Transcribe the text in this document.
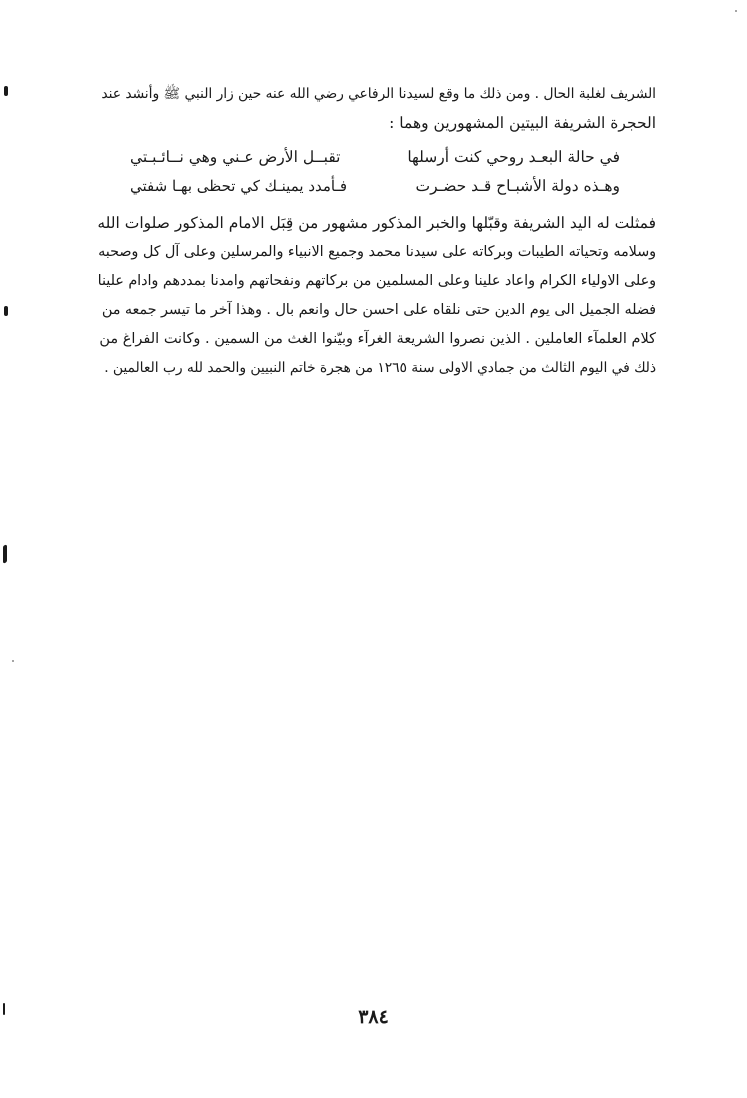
الشريف لغلبة الحال . ومن ذلك ما وقع لسيدنا الرفاعي رضي الله عنه حين زار النبي ﷺ وأنشد عند
الحجرة الشريفة البيتين المشهورين وهما :
في حالة البعـد روحي كنت أرسلها
تقبــل الأرض عـني وهي نــائـبـتي
وهـذه دولة الأشبـاح قـد حضـرت
فـأمدد يمينـك كي تحظى بهـا شفتي
فمثلت له اليد الشريفة وقبّلها والخبر المذكور مشهور من قِبَل الامام المذكور صلوات الله
وسلامه وتحياته الطيبات وبركاته على سيدنا محمد وجميع الانبياء والمرسلين وعلى آل كل وصحبه
وعلى الاولياء الكرام واعاد علينا وعلى المسلمين من بركاتهم ونفحاتهم وامدنا بمددهم وادام علينا
فضله الجميل الى يوم الدين حتى نلقاه على احسن حال وانعم بال . وهذا آخر ما تيسر جمعه من
كلام العلمآء العاملين . الذين نصروا الشريعة الغرآء وبيّنوا الغث من السمين . وكانت الفراغ من
ذلك في اليوم الثالث من جمادي الاولى سنة ١٢٦٥ من هجرة خاتم النبيين والحمد لله رب العالمين .
٣٨٤
